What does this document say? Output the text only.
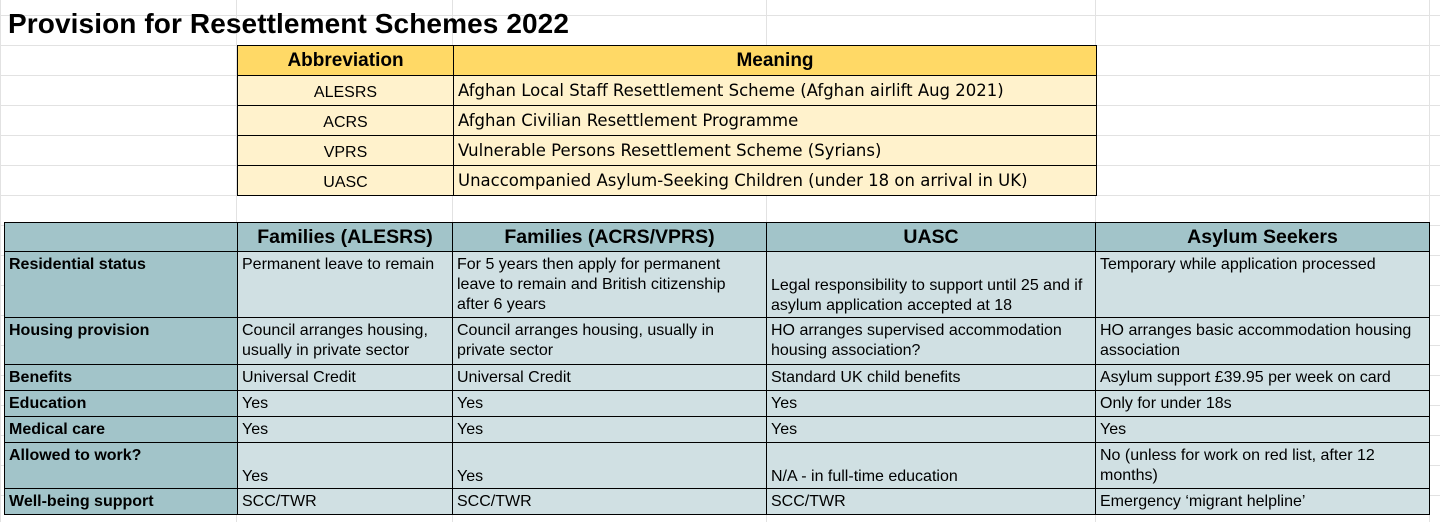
Provision for Resettlement Schemes 2022
Abbreviation	Meaning
ALESRS	Afghan Local Staff Resettlement Scheme (Afghan airlift Aug 2021)
ACRS	Afghan Civilian Resettlement Programme
VPRS	Vulnerable Persons Resettlement Scheme (Syrians)
UASC	Unaccompanied Asylum-Seeking Children (under 18 on arrival in UK)
	Families (ALESRS)	Families (ACRS/VPRS)	UASC	Asylum Seekers
Residential status	Permanent leave to remain	For 5 years then apply for permanent leave to remain and British citizenship after 6 years	Legal responsibility to support until 25 and if asylum application accepted at 18	Temporary while application processed
Housing provision	Council arranges housing, usually in private sector	Council arranges housing, usually in private sector	HO arranges supervised accommodation housing association?	HO arranges basic accommodation housing association
Benefits	Universal Credit	Universal Credit	Standard UK child benefits	Asylum support £39.95 per week on card
Education	Yes	Yes	Yes	Only for under 18s
Medical care	Yes	Yes	Yes	Yes
Allowed to work?	Yes	Yes	N/A - in full-time education	No (unless for work on red list, after 12 months)
Well-being support	SCC/TWR	SCC/TWR	SCC/TWR	Emergency ‘migrant helpline’
